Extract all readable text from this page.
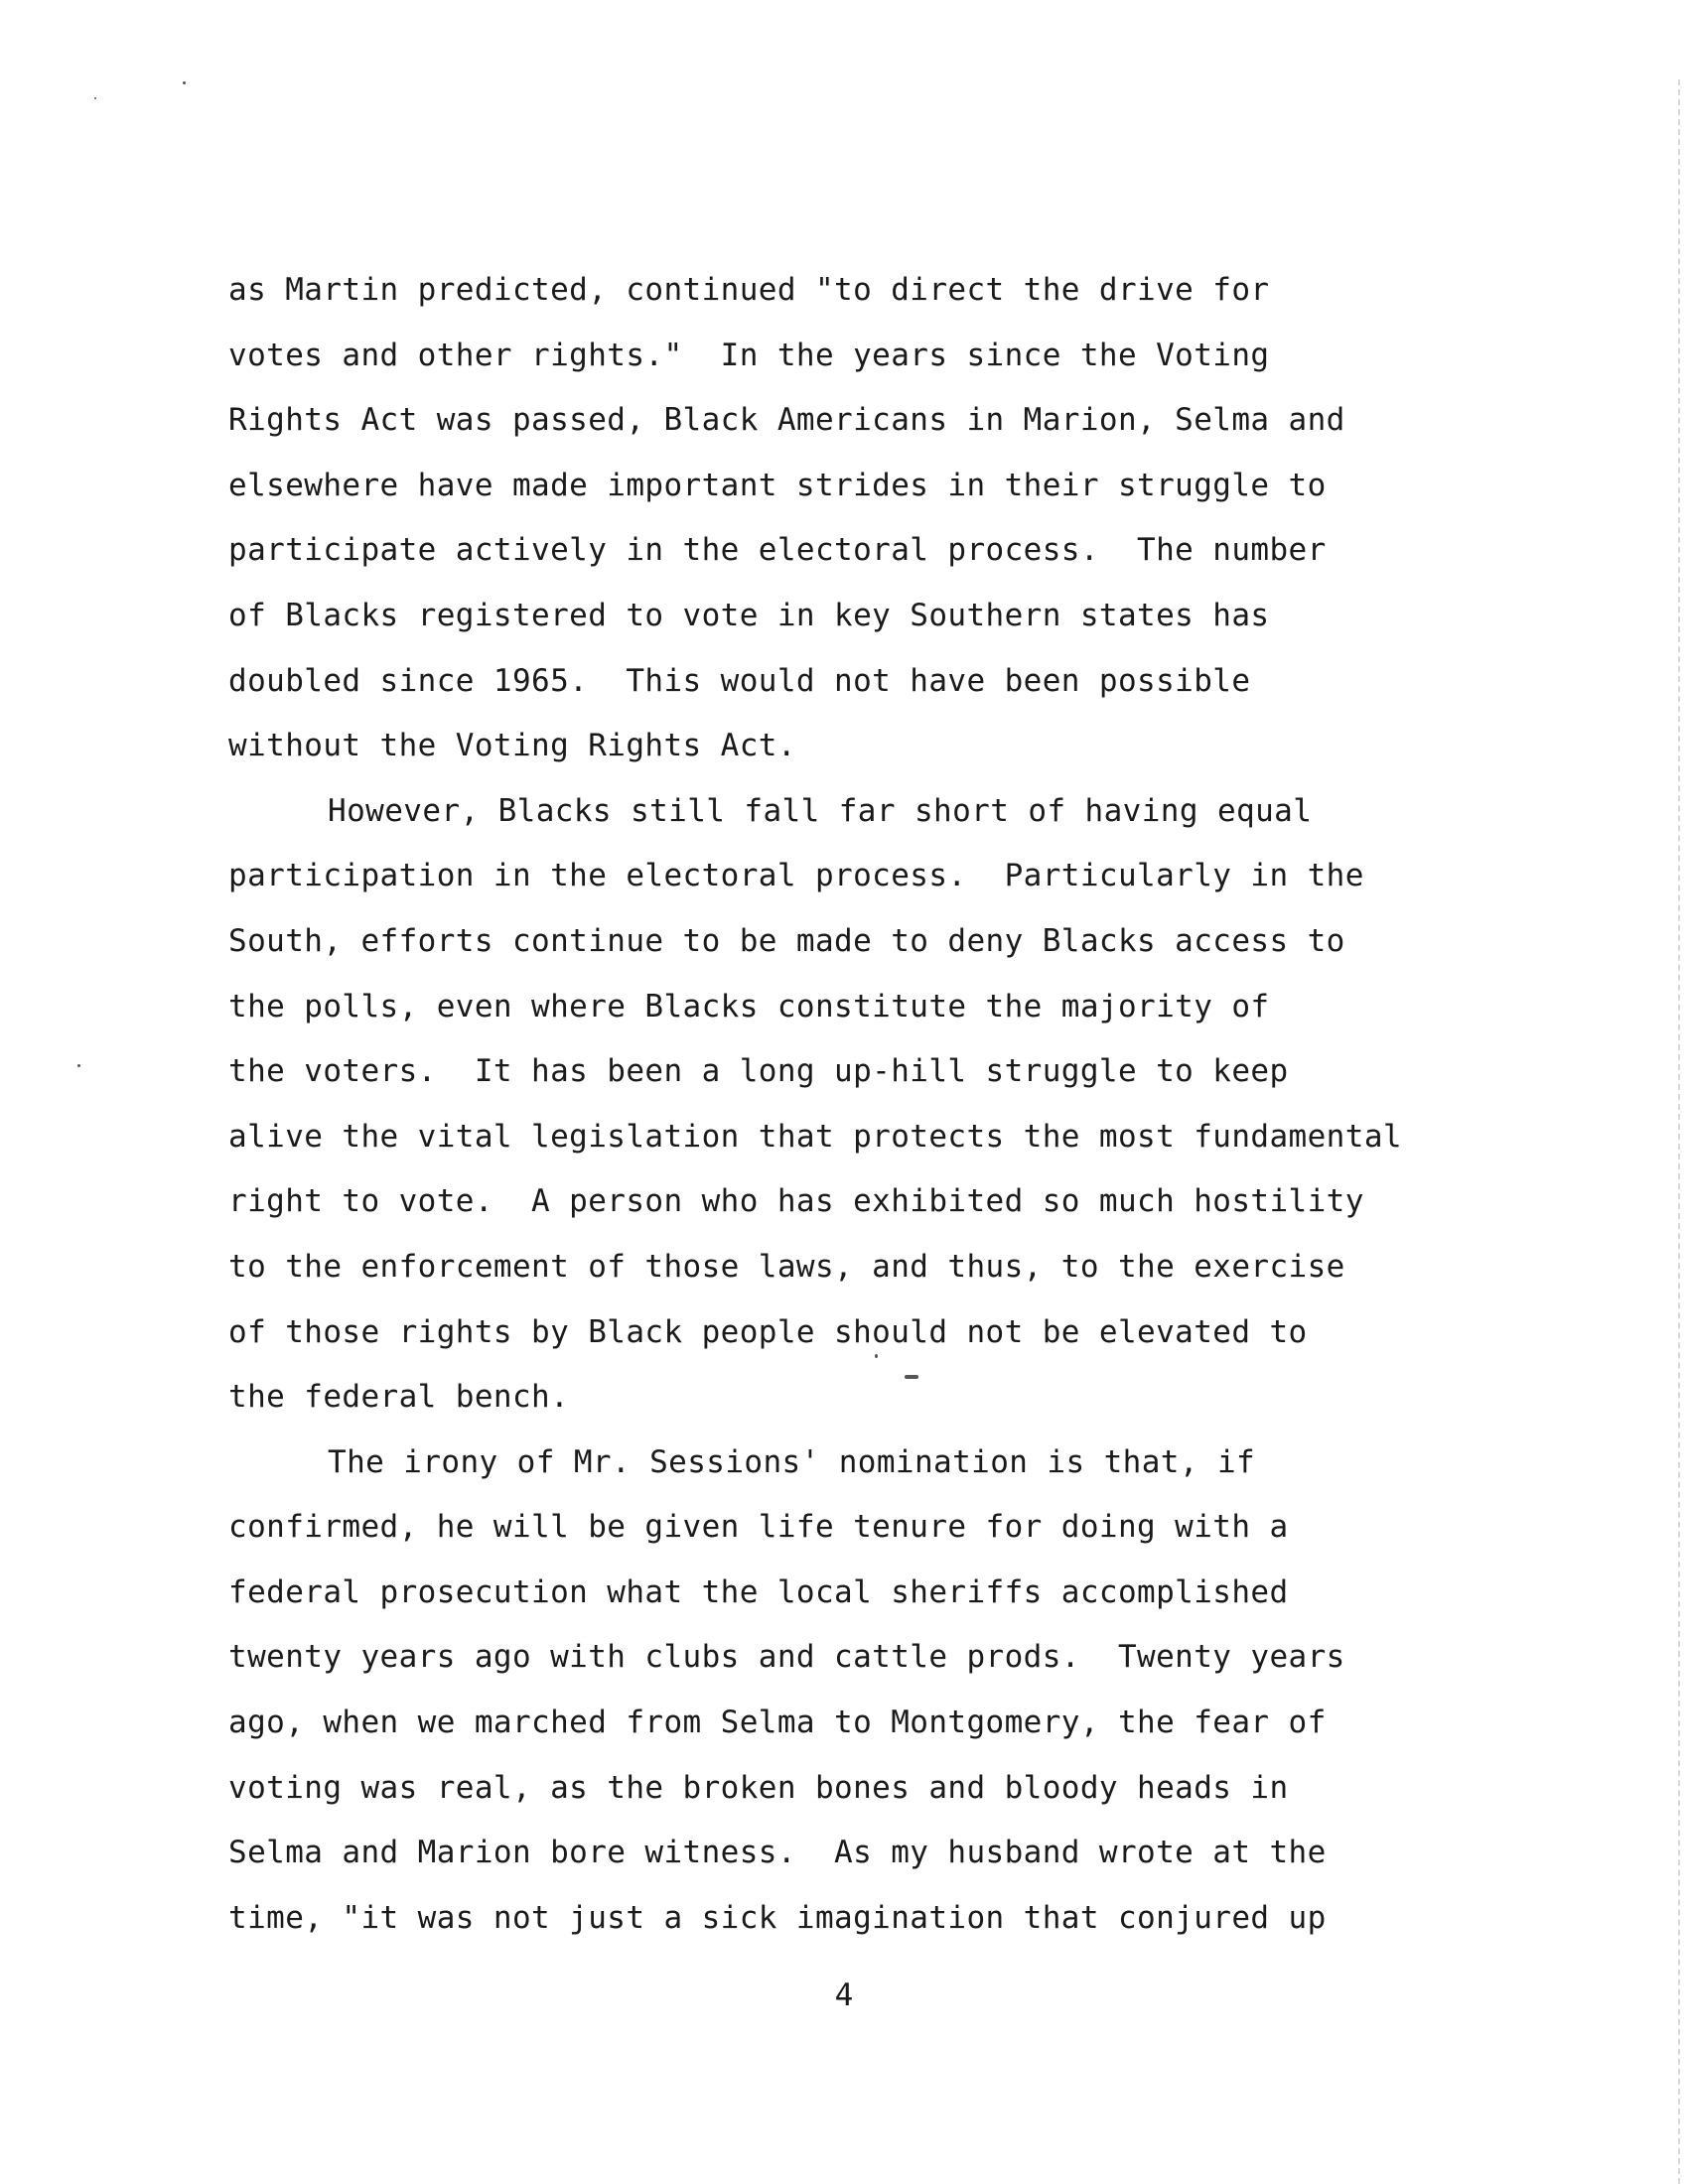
as Martin predicted, continued "to direct the drive for
votes and other rights."  In the years since the Voting
Rights Act was passed, Black Americans in Marion, Selma and
elsewhere have made important strides in their struggle to
participate actively in the electoral process.  The number
of Blacks registered to vote in key Southern states has
doubled since 1965.  This would not have been possible
without the Voting Rights Act.
However, Blacks still fall far short of having equal
participation in the electoral process.  Particularly in the
South, efforts continue to be made to deny Blacks access to
the polls, even where Blacks constitute the majority of
the voters.  It has been a long up-hill struggle to keep
alive the vital legislation that protects the most fundamental
right to vote.  A person who has exhibited so much hostility
to the enforcement of those laws, and thus, to the exercise
of those rights by Black people should not be elevated to
the federal bench.
The irony of Mr. Sessions' nomination is that, if
confirmed, he will be given life tenure for doing with a
federal prosecution what the local sheriffs accomplished
twenty years ago with clubs and cattle prods.  Twenty years
ago, when we marched from Selma to Montgomery, the fear of
voting was real, as the broken bones and bloody heads in
Selma and Marion bore witness.  As my husband wrote at the
time, "it was not just a sick imagination that conjured up
4
